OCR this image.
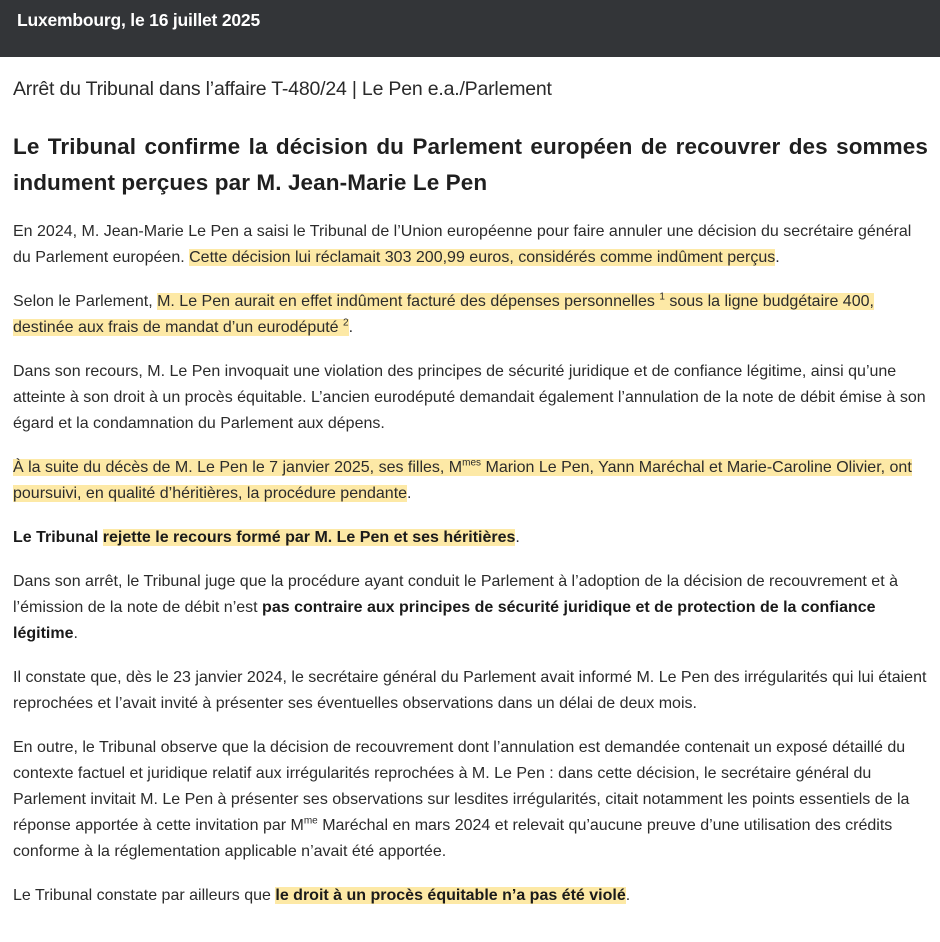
Luxembourg, le 16 juillet 2025
Arrêt du Tribunal dans l’affaire T-480/24 | Le Pen e.a./Parlement
Le Tribunal confirme la décision du Parlement européen de recouvrer des sommes indument perçues par M. Jean-Marie Le Pen

En 2024, M. Jean-Marie Le Pen a saisi le Tribunal de l’Union européenne pour faire annuler une décision du secrétaire général du Parlement européen. Cette décision lui réclamait 303 200,99 euros, considérés comme indûment perçus.

Selon le Parlement, M. Le Pen aurait en effet indûment facturé des dépenses personnelles $^1$ sous la ligne budgétaire 400, destinée aux frais de mandat d’un eurodéputé $^2$.

Dans son recours, M. Le Pen invoquait une violation des principes de sécurité juridique et de confiance légitime, ainsi qu’une atteinte à son droit à un procès équitable. L’ancien eurodéputé demandait également l’annulation de la note de débit émise à son égard et la condamnation du Parlement aux dépens.

À la suite du décès de M. Le Pen le 7 janvier 2025, ses filles, $M^{mes}$ Marion Le Pen, Yann Maréchal et Marie-Caroline Olivier, ont poursuivi, en qualité d’héritières, la procédure pendante.

Le Tribunal rejette le recours formé par M. Le Pen et ses héritières.

Dans son arrêt, le Tribunal juge que la procédure ayant conduit le Parlement à l’adoption de la décision de recouvrement et à l’émission de la note de débit n’est pas contraire aux principes de sécurité juridique et de protection de la confiance légitime.

Il constate que, dès le 23 janvier 2024, le secrétaire général du Parlement avait informé M. Le Pen des irrégularités qui lui étaient reprochées et l’avait invité à présenter ses éventuelles observations dans un délai de deux mois.

En outre, le Tribunal observe que la décision de recouvrement dont l’annulation est demandée contenait un exposé détaillé du contexte factuel et juridique relatif aux irrégularités reprochées à M. Le Pen : dans cette décision, le secrétaire général du Parlement invitait M. Le Pen à présenter ses observations sur lesdites irrégularités, citait notamment les points essentiels de la réponse apportée à cette invitation par $M^{me}$ Maréchal en mars 2024 et relevait qu’aucune preuve d’une utilisation des crédits conforme à la réglementation applicable n’avait été apportée.

Le Tribunal constate par ailleurs que le droit à un procès équitable n’a pas été violé.
